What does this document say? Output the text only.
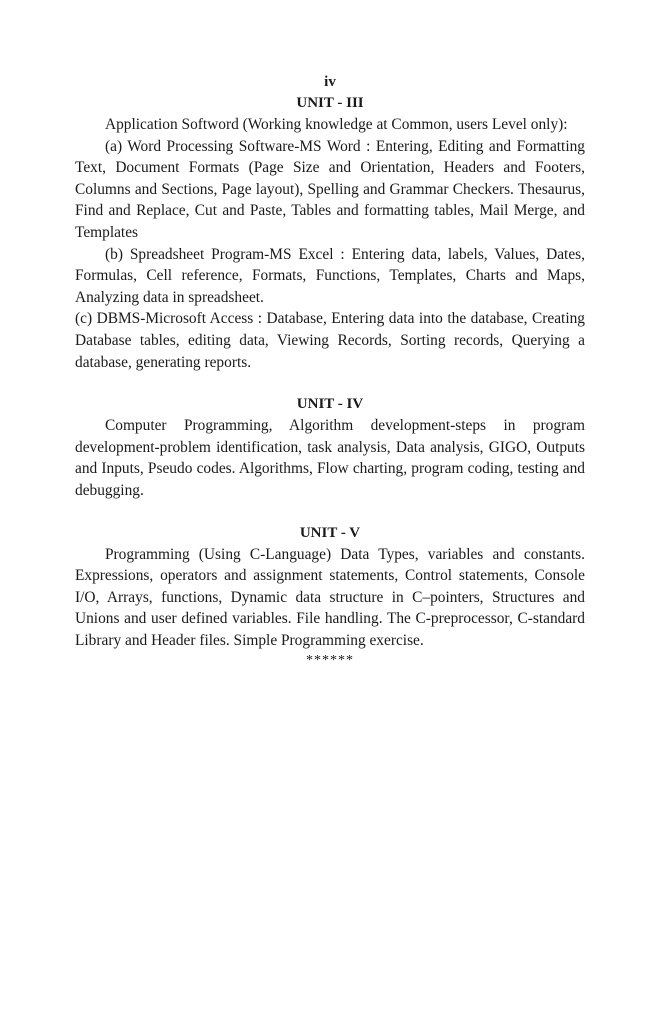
iv

UNIT - III

Application Softword (Working knowledge at Common, users Level only):

(a) Word Processing Software-MS Word : Entering, Editing and Formatting Text, Document Formats (Page Size and Orientation, Headers and Footers, Columns and Sections, Page layout), Spelling and Grammar Checkers. Thesaurus, Find and Replace, Cut and Paste, Tables and formatting tables, Mail Merge, and Templates

(b) Spreadsheet Program-MS Excel : Entering data, labels, Values, Dates, Formulas, Cell reference, Formats, Functions, Templates, Charts and Maps, Analyzing data in spreadsheet.

(c) DBMS-Microsoft Access : Database, Entering data into the database, Creating Database tables, editing data, Viewing Records, Sorting records, Querying a database, generating reports.

UNIT - IV

Computer Programming, Algorithm development-steps in program development-problem identification, task analysis, Data analysis, GIGO, Outputs and Inputs, Pseudo codes. Algorithms, Flow charting, program coding, testing and debugging.

UNIT - V

Programming (Using C-Language) Data Types, variables and constants. Expressions, operators and assignment statements, Control statements, Console I/O, Arrays, functions, Dynamic data structure in C–pointers, Structures and Unions and user defined variables. File handling. The C-preprocessor, C-standard Library and Header files. Simple Programming exercise.

******
